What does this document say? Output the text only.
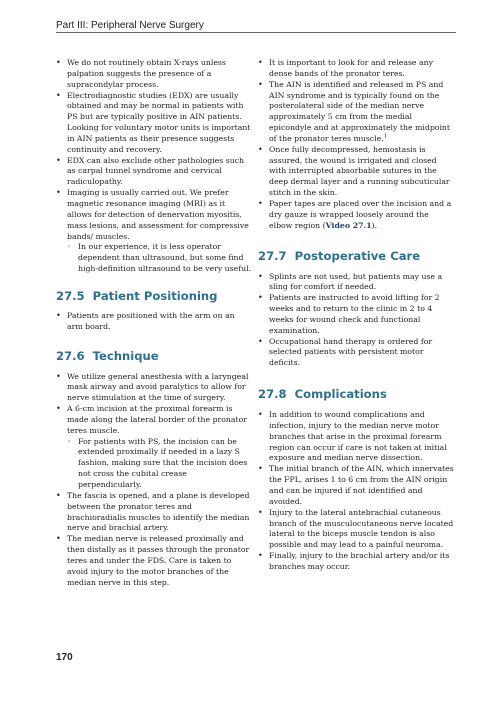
Part III: Peripheral Nerve Surgery
• We do not routinely obtain X-rays unless palpation suggests the presence of a supracondylar process.
• Electrodiagnostic studies (EDX) are usually obtained and may be normal in patients with PS but are typically positive in AIN patients. Looking for voluntary motor units is important in AIN patients as their presence suggests continuity and recovery.
• EDX can also exclude other pathologies such as carpal tunnel syndrome and cervical radiculopathy.
• Imaging is usually carried out. We prefer magnetic resonance imaging (MRI) as it allows for detection of denervation myositis, mass lesions, and assessment for compressive bands/ muscles.
◦ In our experience, it is less operator dependent than ultrasound, but some find high-definition ultrasound to be very useful.
27.5 Patient Positioning
• Patients are positioned with the arm on an arm board.
27.6 Technique
• We utilize general anesthesia with a laryngeal mask airway and avoid paralytics to allow for nerve stimulation at the time of surgery.
• A 6-cm incision at the proximal forearm is made along the lateral border of the pronator teres muscle.
◦ For patients with PS, the incision can be extended proximally if needed in a lazy S fashion, making sure that the incision does not cross the cubital crease perpendicularly.
• The fascia is opened, and a plane is developed between the pronator teres and brachioradialis muscles to identify the median nerve and brachial artery.
• The median nerve is released proximally and then distally as it passes through the pronator teres and under the FDS. Care is taken to avoid injury to the motor branches of the median nerve in this step.
• It is important to look for and release any dense bands of the pronator teres.
• The AIN is identified and released in PS and AIN syndrome and is typically found on the posterolateral side of the median nerve approximately 5 cm from the medial epicondyle and at approximately the midpoint of the pronator teres muscle.$^1$
• Once fully decompressed, hemostasis is assured, the wound is irrigated and closed with interrupted absorbable sutures in the deep dermal layer and a running subcuticular stitch in the skin.
• Paper tapes are placed over the incision and a dry gauze is wrapped loosely around the elbow region (Video 27.1).
27.7 Postoperative Care
• Splints are not used, but patients may use a sling for comfort if needed.
• Patients are instructed to avoid lifting for 2 weeks and to return to the clinic in 2 to 4 weeks for wound check and functional examination.
• Occupational hand therapy is ordered for selected patients with persistent motor deficits.
27.8 Complications
• In addition to wound complications and infection, injury to the median nerve motor branches that arise in the proximal forearm region can occur if care is not taken at initial exposure and median nerve dissection.
• The initial branch of the AIN, which innervates the FPL, arises 1 to 6 cm from the AIN origin and can be injured if not identified and avoided.
• Injury to the lateral antebrachial cutaneous branch of the musculocutaneous nerve located lateral to the biceps muscle tendon is also possible and may lead to a painful neuroma.
• Finally, injury to the brachial artery and/or its branches may occur.
170
